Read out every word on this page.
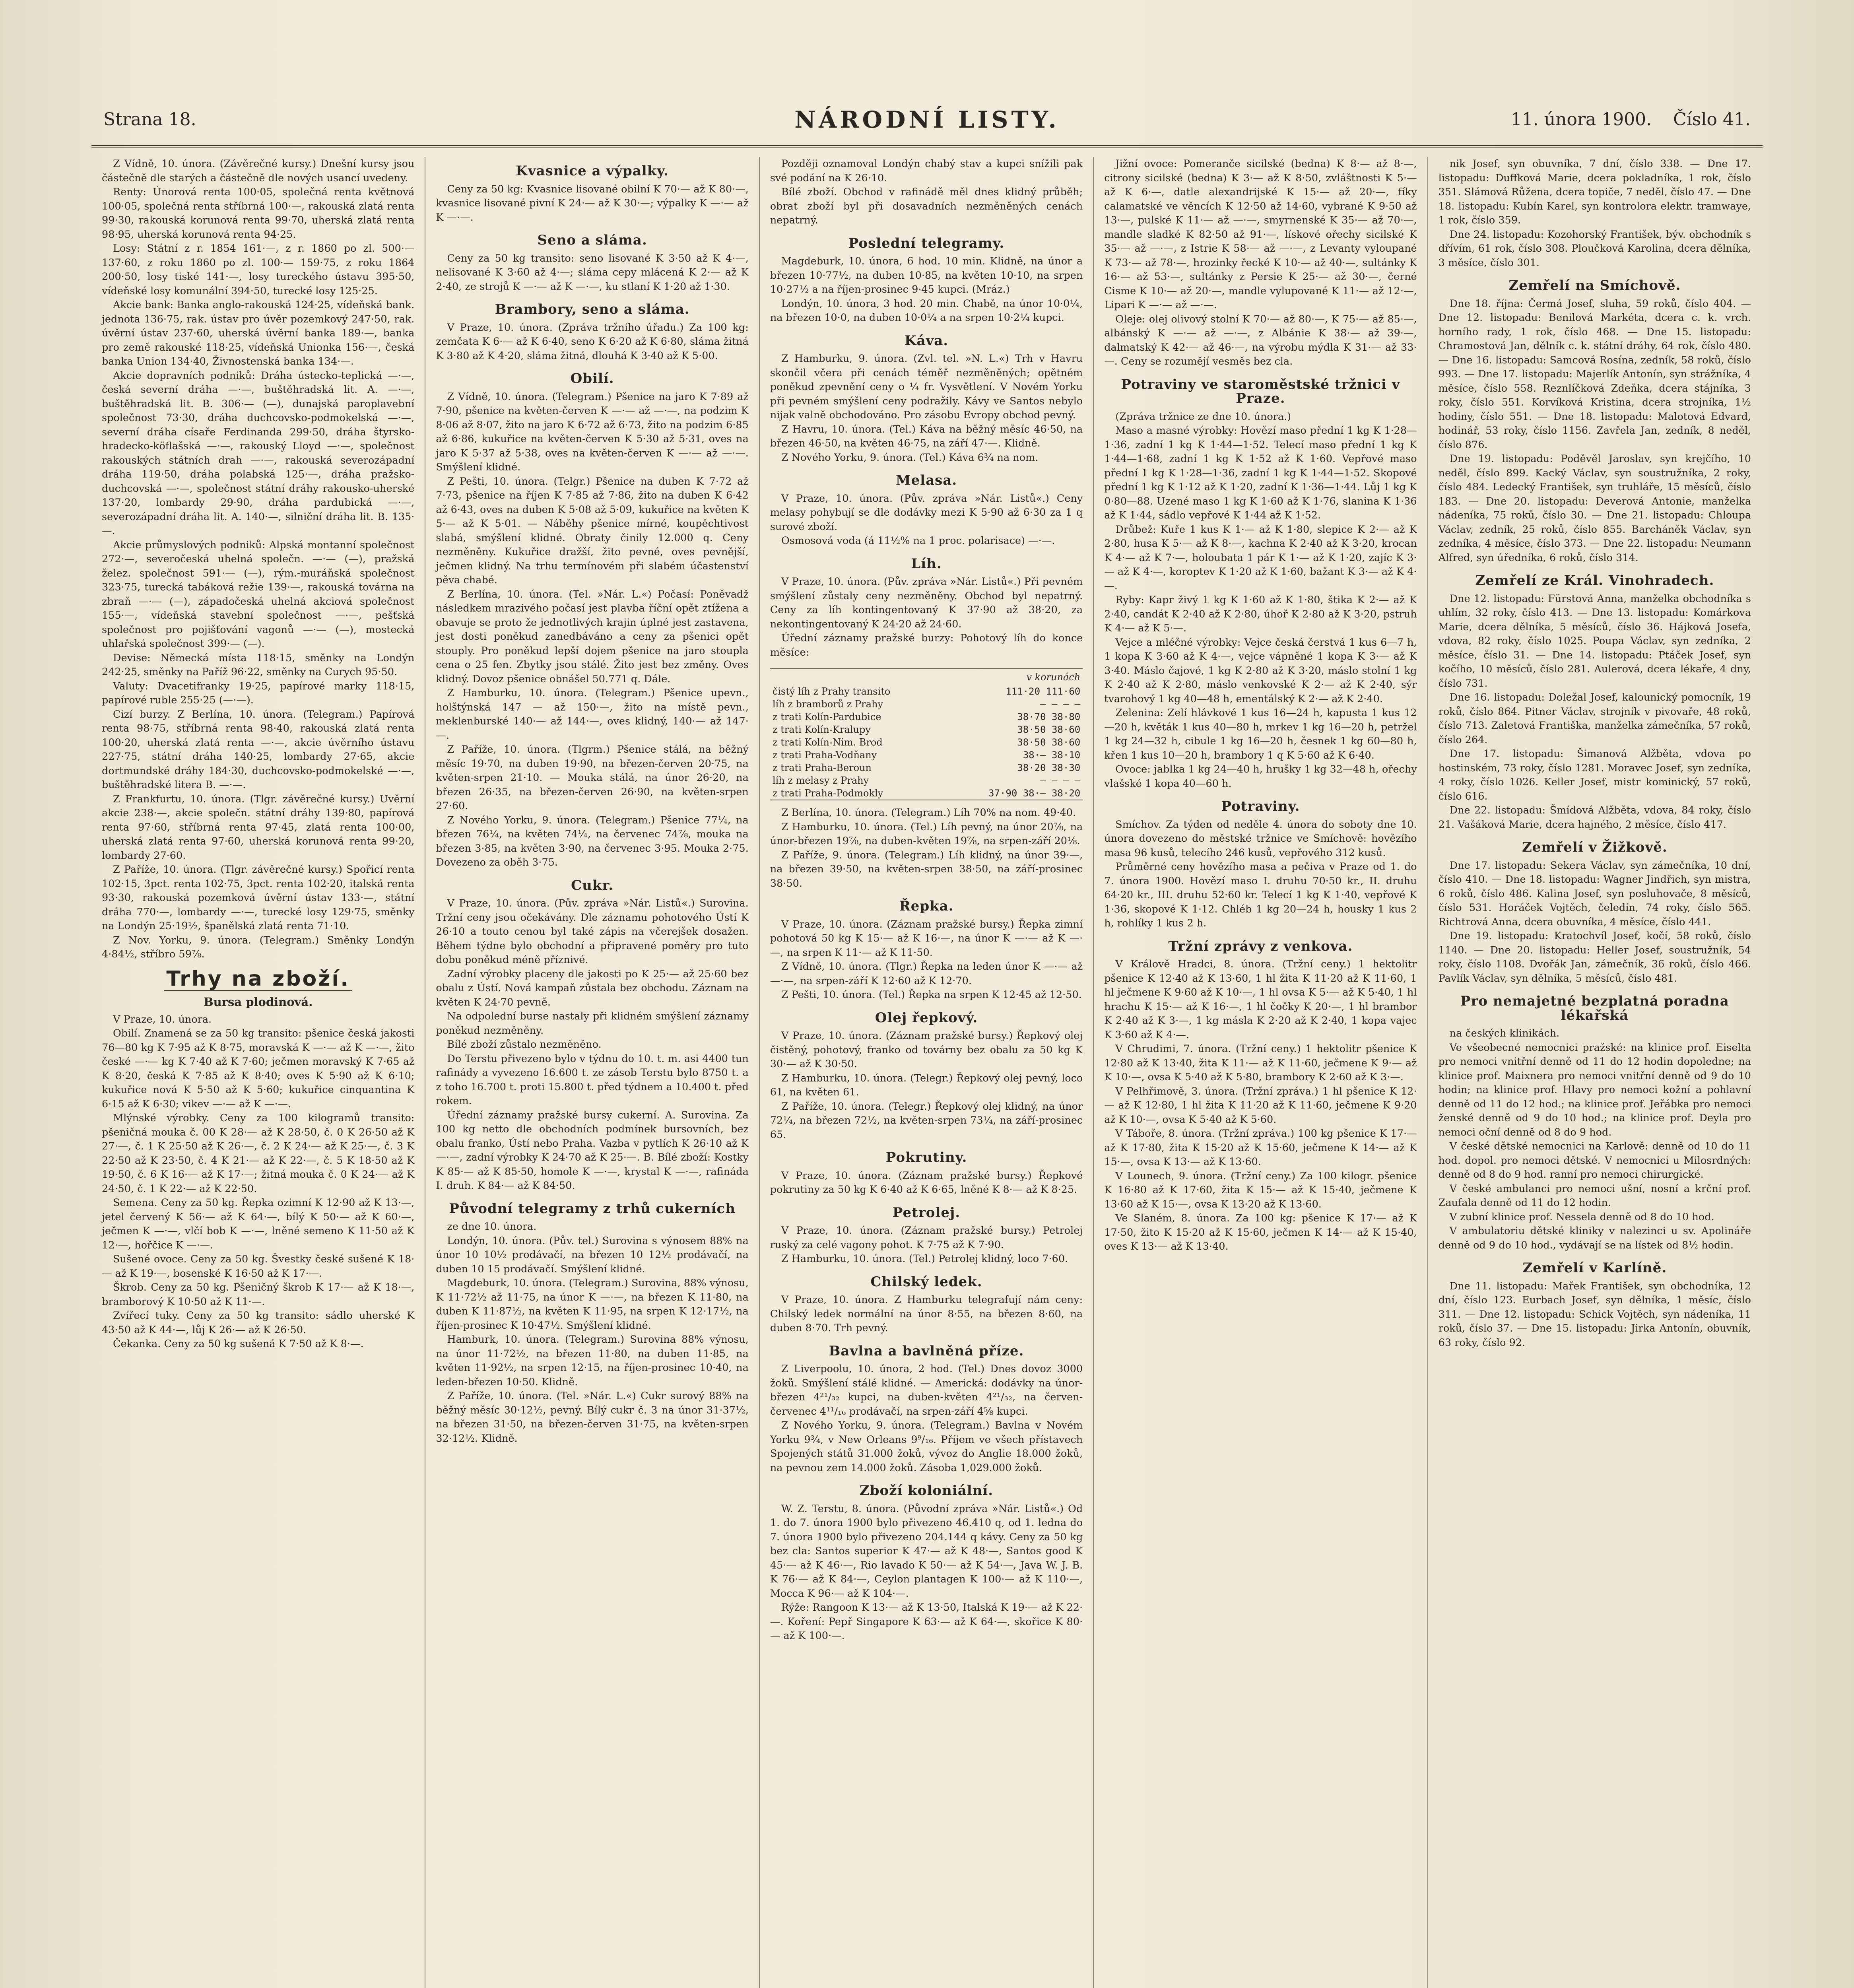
Strana 18.	NÁRODNÍ LISTY.	11. února 1900. Číslo 41.

Z Vídně, 10. února. (Závěrečné kursy.) Dnešní kursy jsou částečně dle starých a částečně dle nových usancí uvedeny.

Renty: Únorová renta 100·05, společná renta květnová 100·05, společná renta stříbrná 100·—, rakouská zlatá renta 99·30, rakouská korunová renta 99·70, uherská zlatá renta 98·95, uherská korunová renta 94·25.

Losy: Státní z r. 1854 161·—, z r. 1860 po zl. 500·— 137·60, z roku 1860 po zl. 100·— 159·75, z roku 1864 200·50, losy tiské 141·—, losy tureckého ústavu 395·50, vídeňské losy komunální 394·50, turecké losy 125·25.

Akcie bank: Banka anglo-rakouská 124·25, vídeňská bank. jednota 136·75, rak. ústav pro úvěr pozemkový 247·50, rak. úvěrní ústav 237·60, uherská úvěrní banka 189·—, banka pro země rakouské 118·25, vídeňská Unionka 156·—, česká banka Union 134·40, Živnostenská banka 134·—.

Akcie dopravních podniků: Dráha ústecko-teplická —·—, česká severní dráha —·—, buštěhradská lit. A. —·—, buštěhradská lit. B. 306·— (—), dunajská paroplavební společnost 73·30, dráha duchcovsko-podmokelská —·—, severní dráha císaře Ferdinanda 299·50, dráha štyrsko-hradecko-köflašská —·—, rakouský Lloyd —·—, společnost rakouských státních drah —·—, rakouská severozápadní dráha 119·50, dráha polabská 125·—, dráha pražsko-duchcovská —·—, společnost státní dráhy rakousko-uherské 137·20, lombardy 29·90, dráha pardubická —·—, severozápadní dráha lit. A. 140·—, silniční dráha lit. B. 135·—.

Akcie průmyslových podniků: Alpská montanní společnost 272·—, severočeská uhelná společn. —·— (—), pražská želez. společnost 591·— (—), rým.-muráňská společnost 323·75, turecká tabáková režie 139·—, rakouská továrna na zbraň —·— (—), západočeská uhelná akciová společnost 155·—, vídeňská stavební společnost —·—, pešťská společnost pro pojišťování vagonů —·— (—), mostecká uhlařská společnost 399·— (—).

Devise: Německá místa 118·15, směnky na Londýn 242·25, směnky na Paříž 96·22, směnky na Curych 95·50.

Valuty: Dvacetifranky 19·25, papírové marky 118·15, papírové ruble 255·25 (—·—).

Cizí burzy. Z Berlína, 10. února. (Telegram.) Papírová renta 98·75, stříbrná renta 98·40, rakouská zlatá renta 100·20, uherská zlatá renta —·—, akcie úvěrního ústavu 227·75, státní dráha 140·25, lombardy 27·65, akcie dortmundské dráhy 184·30, duchcovsko-podmokelské —·—, buštěhradské litera B. —·—.

Z Frankfurtu, 10. února. (Tlgr. závěrečné kursy.) Uvěrní akcie 238·—, akcie společn. státní dráhy 139·80, papírová renta 97·60, stříbrná renta 97·45, zlatá renta 100·00, uherská zlatá renta 97·60, uherská korunová renta 99·20, lombardy 27·60.

Z Paříže, 10. února. (Tlgr. závěrečné kursy.) Spořicí renta 102·15, 3pct. renta 102·75, 3pct. renta 102·20, italská renta 93·30, rakouská pozemková úvěrní ústav 133·—, státní dráha 770·—, lombardy —·—, turecké losy 129·75, směnky na Londýn 25·19½, španělská zlatá renta 71·10.

Z Nov. Yorku, 9. února. (Telegram.) Směnky Londýn 4·84½, stříbro 59⅞.

Trhy na zboží.
Bursa plodinová.

V Praze, 10. února.

Obilí. Znamená se za 50 kg transito: pšenice česká jakosti 76—80 kg K 7·95 až K 8·75, moravská K —·— až K —·—, žito české —·— kg K 7·40 až K 7·60; ječmen moravský K 7·65 až K 8·20, česká K 7·85 až K 8·40; oves K 5·90 až K 6·10; kukuřice nová K 5·50 až K 5·60; kukuřice cinquantina K 6·15 až K 6·30; vikev —·— až K —·—.

Mlýnské výrobky. Ceny za 100 kilogramů transito: pšeničná mouka č. 00 K 28·— až K 28·50, č. 0 K 26·50 až K 27·—, č. 1 K 25·50 až K 26·—, č. 2 K 24·— až K 25·—, č. 3 K 22·50 až K 23·50, č. 4 K 21·— až K 22·—, č. 5 K 18·50 až K 19·50, č. 6 K 16·— až K 17·—; žitná mouka č. 0 K 24·— až K 24·50, č. 1 K 22·— až K 22·50.

Semena. Ceny za 50 kg. Řepka ozimní K 12·90 až K 13·—, jetel červený K 56·— až K 64·—, bílý K 50·— až K 60·—, ječmen K —·—, vlčí bob K —·—, lněné semeno K 11·50 až K 12·—, hořčice K —·—.

Sušené ovoce. Ceny za 50 kg. Švestky české sušené K 18·— až K 19·—, bosenské K 16·50 až K 17·—.

Škrob. Ceny za 50 kg. Pšeničný škrob K 17·— až K 18·—, bramborový K 10·50 až K 11·—.

Zvířecí tuky. Ceny za 50 kg transito: sádlo uherské K 43·50 až K 44·—, lůj K 26·— až K 26·50.

Čekanka. Ceny za 50 kg sušená K 7·50 až K 8·—.

Kvasnice a výpalky.

Ceny za 50 kg: Kvasnice lisované obilní K 70·— až K 80·—, kvasnice lisované pivní K 24·— až K 30·—; výpalky K —·— až K —·—.

Seno a sláma.

Ceny za 50 kg transito: seno lisované K 3·50 až K 4·—, nelisované K 3·60 až 4·—; sláma cepy mlácená K 2·— až K 2·40, ze strojů K —·— až K —·—, ku stlaní K 1·20 až 1·30.

Brambory, seno a sláma.

V Praze, 10. února. (Zpráva tržního úřadu.) Za 100 kg: zemčata K 6·— až K 6·40, seno K 6·20 až K 6·80, sláma žitná K 3·80 až K 4·20, sláma žitná, dlouhá K 3·40 až K 5·00.

Obilí.

Z Vídně, 10. února. (Telegram.) Pšenice na jaro K 7·89 až 7·90, pšenice na květen-červen K —·— až —·—, na podzim K 8·06 až 8·07, žito na jaro K 6·72 až 6·73, žito na podzim 6·85 až 6·86, kukuřice na květen-červen K 5·30 až 5·31, oves na jaro K 5·37 až 5·38, oves na květen-červen K —·— až —·—. Smýšlení klidné.

Z Pešti, 10. února. (Telgr.) Pšenice na duben K 7·72 až 7·73, pšenice na říjen K 7·85 až 7·86, žito na duben K 6·42 až 6·43, oves na duben K 5·08 až 5·09, kukuřice na květen K 5·— až K 5·01. — Náběhy pšenice mírné, koupěchtivost slabá, smýšlení klidné. Obraty činily 12.000 q. Ceny nezměněny. Kukuřice dražší, žito pevné, oves pevnější, ječmen klidný. Na trhu termínovém při slabém účastenství pěva chabé.

Z Berlína, 10. února. (Tel. »Nár. L.«) Počasí: Poněvadž následkem mrazivého počasí jest plavba říční opět ztížena a obavuje se proto že jednotlivých krajin úplné jest zastavena, jest dosti poněkud zanedbáváno a ceny za pšenici opět stouply. Pro poněkud lepší dojem pšenice na jaro stoupla cena o 25 fen. Zbytky jsou stálé. Žito jest bez změny. Oves klidný. Dovoz pšenice obnášel 50.771 q. Dále.

Z Hamburku, 10. února. (Telegram.) Pšenice upevn., holštýnská 147 — až 150·—, žito na místě pevn., meklenburské 140·— až 144·—, oves klidný, 140·— až 147·—.

Z Paříže, 10. února. (Tlgrm.) Pšenice stálá, na běžný měsíc 19·70, na duben 19·90, na březen-červen 20·75, na květen-srpen 21·10. — Mouka stálá, na únor 26·20, na březen 26·35, na březen-červen 26·90, na květen-srpen 27·60.

Z Nového Yorku, 9. února. (Telegram.) Pšenice 77¼, na březen 76¼, na květen 74¼, na červenec 74⅞, mouka na březen 3·85, na květen 3·90, na červenec 3·95. Mouka 2·75. Dovezeno za oběh 3·75.

Cukr.

V Praze, 10. února. (Pův. zpráva »Nár. Listů«.) Surovina. Tržní ceny jsou očekávány. Dle záznamu pohotového Ústí K 26·10 a touto cenou byl také zápis na včerejšek dosažen. Během týdne bylo obchodní a připravené poměry pro tuto dobu poněkud méně příznivé.

Zadní výrobky placeny dle jakosti po K 25·— až 25·60 bez obalu z Ústí. Nová kampaň zůstala bez obchodu. Záznam na květen K 24·70 pevně.

Na odpolední burse nastaly při klidném smýšlení záznamy poněkud nezměněny.

Bílé zboží zůstalo nezměněno.

Do Terstu přivezeno bylo v týdnu do 10. t. m. asi 4400 tun rafinády a vyvezeno 16.600 t. ze zásob Terstu bylo 8750 t. a z toho 16.700 t. proti 15.800 t. před týdnem a 10.400 t. před rokem.

Úřední záznamy pražské bursy cukerní. A. Surovina. Za 100 kg netto dle obchodních podmínek bursovních, bez obalu franko, Ústí nebo Praha. Vazba v pytlích K 26·10 až K —·—, zadní výrobky K 24·70 až K 25·—. B. Bílé zboží: Kostky K 85·— až K 85·50, homole K —·—, krystal K —·—, rafináda I. druh. K 84·— až K 84·50.

Původní telegramy z trhů cukerních

ze dne 10. února.

Londýn, 10. února. (Pův. tel.) Surovina s výnosem 88% na únor 10 10½ prodávačí, na březen 10 12½ prodávačí, na duben 10 15 prodávačí. Smýšlení klidné.

Magdeburk, 10. února. (Telegram.) Surovina, 88% výnosu, K 11·72½ až 11·75, na únor K —·—, na březen K 11·80, na duben K 11·87½, na květen K 11·95, na srpen K 12·17½, na říjen-prosinec K 10·47½. Smýšlení klidné.

Hamburk, 10. února. (Telegram.) Surovina 88% výnosu, na únor 11·72½, na březen 11·80, na duben 11·85, na květen 11·92½, na srpen 12·15, na říjen-prosinec 10·40, na leden-březen 10·50. Klidně.

Z Paříže, 10. února. (Tel. »Nár. L.«) Cukr surový 88% na běžný měsíc 30·12½, pevný. Bílý cukr č. 3 na únor 31·37½, na březen 31·50, na březen-červen 31·75, na květen-srpen 32·12½. Klidně.

Později oznamoval Londýn chabý stav a kupci snížili pak své podání na K 26·10.

Bílé zboží. Obchod v rafinádě měl dnes klidný průběh; obrat zboží byl při dosavadních nezměněných cenách nepatrný.

Poslední telegramy.

Magdeburk, 10. února, 6 hod. 10 min. Klidně, na únor a březen 10·77½, na duben 10·85, na květen 10·10, na srpen 10·27½ a na říjen-prosinec 9·45 kupci. (Mráz.)

Londýn, 10. února, 3 hod. 20 min. Chabě, na únor 10·0¼, na březen 10·0, na duben 10·0¼ a na srpen 10·2¼ kupci.

Káva.

Z Hamburku, 9. února. (Zvl. tel. »N. L.«) Trh v Havru skončil včera při cenách téměř nezměněných; opětném poněkud zpevnění ceny o ¼ fr. Vysvětlení. V Novém Yorku při pevném smýšlení ceny podražily. Kávy ve Santos nebylo nijak valně obchodováno. Pro zásobu Evropy obchod pevný.

Z Havru, 10. února. (Tel.) Káva na běžný měsíc 46·50, na březen 46·50, na květen 46·75, na září 47·—. Klidně.

Z Nového Yorku, 9. února. (Tel.) Káva 6¾ na nom.

Melasa.

V Praze, 10. února. (Pův. zpráva »Nár. Listů«.) Ceny melasy pohybují se dle dodávky mezi K 5·90 až 6·30 za 1 q surové zboží.

Osmosová voda (á 11½% na 1 proc. polarisace) —·—.

Líh.

V Praze, 10. února. (Pův. zpráva »Nár. Listů«.) Při pevném smýšlení zůstaly ceny nezměněny. Obchod byl nepatrný. Ceny za líh kontingentovaný K 37·90 až 38·20, za nekontingentovaný K 24·20 až 24·60.

Úřední záznamy pražské burzy: Pohotový líh do konce měsíce:

v korunách
čistý líh z Prahy transito	111·20 111·60
líh z bramborů z Prahy	— — — —
z trati Kolín-Pardubice	38·70 38·80
z trati Kolín-Kralupy	38·50 38·60
z trati Kolín-Nim. Brod	38·50 38·60
z trati Praha-Vodňany	38·— 38·10
z trati Praha-Beroun	38·20 38·30
líh z melasy z Prahy	— — — —
z trati Praha-Podmokly	37·90 38·— 38·20

Z Berlína, 10. února. (Telegram.) Líh 70% na nom. 49·40.

Z Hamburku, 10. února. (Tel.) Líh pevný, na únor 20⅞, na únor-březen 19⅞, na duben-květen 19⅞, na srpen-září 20⅛.

Z Paříže, 9. února. (Telegram.) Líh klidný, na únor 39·—, na březen 39·50, na květen-srpen 38·50, na září-prosinec 38·50.

Řepka.

V Praze, 10. února. (Záznam pražské bursy.) Řepka zimní pohotová 50 kg K 15·— až K 16·—, na únor K —·— až K —·—, na srpen K 11·— až K 11·50.

Z Vídně, 10. února. (Tlgr.) Řepka na leden únor K —·— až —·—, na srpen-září K 12·60 až K 12·70.

Z Pešti, 10. února. (Tel.) Řepka na srpen K 12·45 až 12·50.

Olej řepkový.

V Praze, 10. února. (Záznam pražské bursy.) Řepkový olej čistěný, pohotový, franko od továrny bez obalu za 50 kg K 30·— až K 30·50.

Z Hamburku, 10. února. (Telegr.) Řepkový olej pevný, loco 61, na květen 61.

Z Paříže, 10. února. (Telegr.) Řepkový olej klidný, na únor 72¼, na březen 72½, na květen-srpen 73¼, na září-prosinec 65.

Pokrutiny.

V Praze, 10. února. (Záznam pražské bursy.) Řepkové pokrutiny za 50 kg K 6·40 až K 6·65, lněné K 8·— až K 8·25.

Petrolej.

V Praze, 10. února. (Záznam pražské bursy.) Petrolej ruský za celé vagony pohot. K 7·75 až K 7·90.

Z Hamburku, 10. února. (Tel.) Petrolej klidný, loco 7·60.

Chilský ledek.

V Praze, 10. února. Z Hamburku telegrafují nám ceny: Chilský ledek normální na únor 8·55, na březen 8·60, na duben 8·70. Trh pevný.

Bavlna a bavlněná příze.

Z Liverpoolu, 10. února, 2 hod. (Tel.) Dnes dovoz 3000 žoků. Smýšlení stálé klidné. — Americká: dodávky na únor-březen 4²¹/₃₂ kupci, na duben-květen 4²¹/₃₂, na červen-červenec 4¹¹/₁₆ prodávačí, na srpen-září 4⅝ kupci.

Z Nového Yorku, 9. února. (Telegram.) Bavlna v Novém Yorku 9¾, v New Orleans 9⁹/₁₆. Příjem ve všech přístavech Spojených států 31.000 žoků, vývoz do Anglie 18.000 žoků, na pevnou zem 14.000 žoků. Zásoba 1,029.000 žoků.

Zboží koloniální.

W. Z. Terstu, 8. února. (Původní zpráva »Nár. Listů«.) Od 1. do 7. února 1900 bylo přivezeno 46.410 q, od 1. ledna do 7. února 1900 bylo přivezeno 204.144 q kávy. Ceny za 50 kg bez cla: Santos superior K 47·— až K 48·—, Santos good K 45·— až K 46·—, Rio lavado K 50·— až K 54·—, Java W. J. B. K 76·— až K 84·—, Ceylon plantagen K 100·— až K 110·—, Mocca K 96·— až K 104·—.

Rýže: Rangoon K 13·— až K 13·50, Italská K 19·— až K 22·—. Koření: Pepř Singapore K 63·— až K 64·—, skořice K 80·— až K 100·—.

Jižní ovoce: Pomeranče sicilské (bedna) K 8·— až 8·—, citrony sicilské (bedna) K 3·— až K 8·50, zvláštnosti K 5·— až K 6·—, datle alexandrijské K 15·— až 20·—, fíky calamatské ve věncích K 12·50 až 14·60, vybrané K 9·50 až 13·—, pulské K 11·— až —·—, smyrnenské K 35·— až 70·—, mandle sladké K 82·50 až 91·—, lískové ořechy sicilské K 35·— až —·—, z Istrie K 58·— až —·—, z Levanty vyloupané K 73·— až 78·—, hrozinky řecké K 10·— až 40·—, sultánky K 16·— až 53·—, sultánky z Persie K 25·— až 30·—, černé Cisme K 10·— až 20·—, mandle vylupované K 11·— až 12·—, Lipari K —·— až —·—.

Oleje: olej olivový stolní K 70·— až 80·—, K 75·— až 85·—, albánský K —·— až —·—, z Albánie K 38·— až 39·—, dalmatský K 42·— až 46·—, na výrobu mýdla K 31·— až 33·—. Ceny se rozumějí vesměs bez cla.

Potraviny ve staroměstské tržnici v Praze.

(Zpráva tržnice ze dne 10. února.)

Maso a masné výrobky: Hovězí maso přední 1 kg K 1·28—1·36, zadní 1 kg K 1·44—1·52. Telecí maso přední 1 kg K 1·44—1·68, zadní 1 kg K 1·52 až K 1·60. Vepřové maso přední 1 kg K 1·28—1·36, zadní 1 kg K 1·44—1·52. Skopové přední 1 kg K 1·12 až K 1·20, zadní K 1·36—1·44. Lůj 1 kg K 0·80—88. Uzené maso 1 kg K 1·60 až K 1·76, slanina K 1·36 až K 1·44, sádlo vepřové K 1·44 až K 1·52.

Drůbež: Kuře 1 kus K 1·— až K 1·80, slepice K 2·— až K 2·80, husa K 5·— až K 8·—, kachna K 2·40 až K 3·20, krocan K 4·— až K 7·—, holoubata 1 pár K 1·— až K 1·20, zajíc K 3·— až K 4·—, koroptev K 1·20 až K 1·60, bažant K 3·— až K 4·—.

Ryby: Kapr živý 1 kg K 1·60 až K 1·80, štika K 2·— až K 2·40, candát K 2·40 až K 2·80, úhoř K 2·80 až K 3·20, pstruh K 4·— až K 5·—.

Vejce a mléčné výrobky: Vejce česká čerstvá 1 kus 6—7 h, 1 kopa K 3·60 až K 4·—, vejce vápněné 1 kopa K 3·— až K 3·40. Máslo čajové, 1 kg K 2·80 až K 3·20, máslo stolní 1 kg K 2·40 až K 2·80, máslo venkovské K 2·— až K 2·40, sýr tvarohový 1 kg 40—48 h, ementálský K 2·— až K 2·40.

Zelenina: Zelí hlávkové 1 kus 16—24 h, kapusta 1 kus 12—20 h, květák 1 kus 40—80 h, mrkev 1 kg 16—20 h, petržel 1 kg 24—32 h, cibule 1 kg 16—20 h, česnek 1 kg 60—80 h, křen 1 kus 10—20 h, brambory 1 q K 5·60 až K 6·40.

Ovoce: jablka 1 kg 24—40 h, hrušky 1 kg 32—48 h, ořechy vlašské 1 kopa 40—60 h.

Potraviny.

Smíchov. Za týden od neděle 4. února do soboty dne 10. února dovezeno do městské tržnice ve Smíchově: hovězího masa 96 kusů, telecího 246 kusů, vepřového 312 kusů.

Průměrné ceny hovězího masa a pečiva v Praze od 1. do 7. února 1900. Hovězí maso I. druhu 70·50 kr., II. druhu 64·20 kr., III. druhu 52·60 kr. Telecí 1 kg K 1·40, vepřové K 1·36, skopové K 1·12. Chléb 1 kg 20—24 h, housky 1 kus 2 h, rohlíky 1 kus 2 h.

Tržní zprávy z venkova.

V Králově Hradci, 8. února. (Tržní ceny.) 1 hektolitr pšenice K 12·40 až K 13·60, 1 hl žita K 11·20 až K 11·60, 1 hl ječmene K 9·60 až K 10·—, 1 hl ovsa K 5·— až K 5·40, 1 hl hrachu K 15·— až K 16·—, 1 hl čočky K 20·—, 1 hl brambor K 2·40 až K 3·—, 1 kg másla K 2·20 až K 2·40, 1 kopa vajec K 3·60 až K 4·—.

V Chrudimi, 7. února. (Tržní ceny.) 1 hektolitr pšenice K 12·80 až K 13·40, žita K 11·— až K 11·60, ječmene K 9·— až K 10·—, ovsa K 5·40 až K 5·80, brambory K 2·60 až K 3·—.

V Pelhřimově, 3. února. (Tržní zpráva.) 1 hl pšenice K 12·— až K 12·80, 1 hl žita K 11·20 až K 11·60, ječmene K 9·20 až K 10·—, ovsa K 5·40 až K 5·60.

V Táboře, 8. února. (Tržní zpráva.) 100 kg pšenice K 17·— až K 17·80, žita K 15·20 až K 15·60, ječmene K 14·— až K 15·—, ovsa K 13·— až K 13·60.

V Lounech, 9. února. (Tržní ceny.) Za 100 kilogr. pšenice K 16·80 až K 17·60, žita K 15·— až K 15·40, ječmene K 13·60 až K 15·—, ovsa K 13·20 až K 13·60.

Ve Slaném, 8. února. Za 100 kg: pšenice K 17·— až K 17·50, žito K 15·20 až K 15·60, ječmen K 14·— až K 15·40, oves K 13·— až K 13·40.

nik Josef, syn obuvníka, 7 dní, číslo 338. — Dne 17. listopadu: Duffková Marie, dcera pokladníka, 1 rok, číslo 351. Slámová Růžena, dcera topiče, 7 neděl, číslo 47. — Dne 18. listopadu: Kubín Karel, syn kontrolora elektr. tramwaye, 1 rok, číslo 359.

Dne 24. listopadu: Kozohorský František, býv. obchodník s dřívím, 61 rok, číslo 308. Ploučková Karolina, dcera dělníka, 3 měsíce, číslo 301.

Zemřelí na Smíchově.

Dne 18. října: Čermá Josef, sluha, 59 roků, číslo 404. — Dne 12. listopadu: Benilová Markéta, dcera c. k. vrch. horního rady, 1 rok, číslo 468. — Dne 15. listopadu: Chramostová Jan, dělník c. k. státní dráhy, 64 rok, číslo 480. — Dne 16. listopadu: Samcová Rosína, zedník, 58 roků, číslo 993. — Dne 17. listopadu: Majerlík Antonín, syn strážníka, 4 měsíce, číslo 558. Reznlíčková Zdeňka, dcera stájníka, 3 roky, číslo 551. Korvíková Kristina, dcera strojníka, 1½ hodiny, číslo 551. — Dne 18. listopadu: Malotová Edvard, hodinář, 53 roky, číslo 1156. Zavřela Jan, zedník, 8 neděl, číslo 876.

Dne 19. listopadu: Poděvěl Jaroslav, syn krejčího, 10 neděl, číslo 899. Kacký Václav, syn soustružníka, 2 roky, číslo 484. Ledecký František, syn truhláře, 15 měsíců, číslo 183. — Dne 20. listopadu: Deverová Antonie, manželka nádeníka, 75 roků, číslo 30. — Dne 21. listopadu: Chloupa Václav, zedník, 25 roků, číslo 855. Barcháněk Václav, syn zedníka, 4 měsíce, číslo 373. — Dne 22. listopadu: Neumann Alfred, syn úředníka, 6 roků, číslo 314.

Zemřelí ze Král. Vinohradech.

Dne 12. listopadu: Fürstová Anna, manželka obchodníka s uhlím, 32 roky, číslo 413. — Dne 13. listopadu: Komárkova Marie, dcera dělníka, 5 měsíců, číslo 36. Hájková Josefa, vdova, 82 roky, číslo 1025. Poupa Václav, syn zedníka, 2 měsíce, číslo 31. — Dne 14. listopadu: Ptáček Josef, syn kočího, 10 měsíců, číslo 281. Aulerová, dcera lékaře, 4 dny, číslo 731.

Dne 16. listopadu: Doležal Josef, kalounický pomocník, 19 roků, číslo 864. Pitner Václav, strojník v pivovaře, 48 roků, číslo 713. Zaletová Františka, manželka zámečníka, 57 roků, číslo 264.

Dne 17. listopadu: Šimanová Alžběta, vdova po hostinském, 73 roky, číslo 1281. Moravec Josef, syn zedníka, 4 roky, číslo 1026. Keller Josef, mistr kominický, 57 roků, číslo 616.

Dne 22. listopadu: Šmídová Alžběta, vdova, 84 roky, číslo 21. Vašáková Marie, dcera hajného, 2 měsíce, číslo 417.

Zemřelí v Žižkově.

Dne 17. listopadu: Sekera Václav, syn zámečníka, 10 dní, číslo 410. — Dne 18. listopadu: Wagner Jindřich, syn mistra, 6 roků, číslo 486. Kalina Josef, syn posluhovače, 8 měsíců, číslo 531. Horáček Vojtěch, čeledín, 74 roky, číslo 565. Richtrová Anna, dcera obuvníka, 4 měsíce, číslo 441.

Dne 19. listopadu: Kratochvíl Josef, kočí, 58 roků, číslo 1140. — Dne 20. listopadu: Heller Josef, soustružník, 54 roky, číslo 1108. Dvořák Jan, zámečník, 36 roků, číslo 466. Pavlík Václav, syn dělníka, 5 měsíců, číslo 481.

Pro nemajetné bezplatná poradna lékařská

na českých klinikách.

Ve všeobecné nemocnici pražské: na klinice prof. Eiselta pro nemoci vnitřní denně od 11 do 12 hodin dopoledne; na klinice prof. Maixnera pro nemoci vnitřní denně od 9 do 10 hodin; na klinice prof. Hlavy pro nemoci kožní a pohlavní denně od 11 do 12 hod.; na klinice prof. Jeřábka pro nemoci ženské denně od 9 do 10 hod.; na klinice prof. Deyla pro nemoci oční denně od 8 do 9 hod.

V české dětské nemocnici na Karlově: denně od 10 do 11 hod. dopol. pro nemoci dětské. V nemocnici u Milosrdných: denně od 8 do 9 hod. ranní pro nemoci chirurgické.

V české ambulanci pro nemoci ušní, nosní a krční prof. Zaufala denně od 11 do 12 hodin.

V zubní klinice prof. Nessela denně od 8 do 10 hod.

V ambulatoriu dětské kliniky v nalezinci u sv. Apolináře denně od 9 do 10 hod., vydávají se na lístek od 8½ hodin.

Zemřelí v Karlíně.

Dne 11. listopadu: Mařek František, syn obchodníka, 12 dní, číslo 123. Eurbach Josef, syn dělníka, 1 měsíc, číslo 311. — Dne 12. listopadu: Schick Vojtěch, syn nádeníka, 11 roků, číslo 37. — Dne 15. listopadu: Jirka Antonín, obuvník, 63 roky, číslo 92.
